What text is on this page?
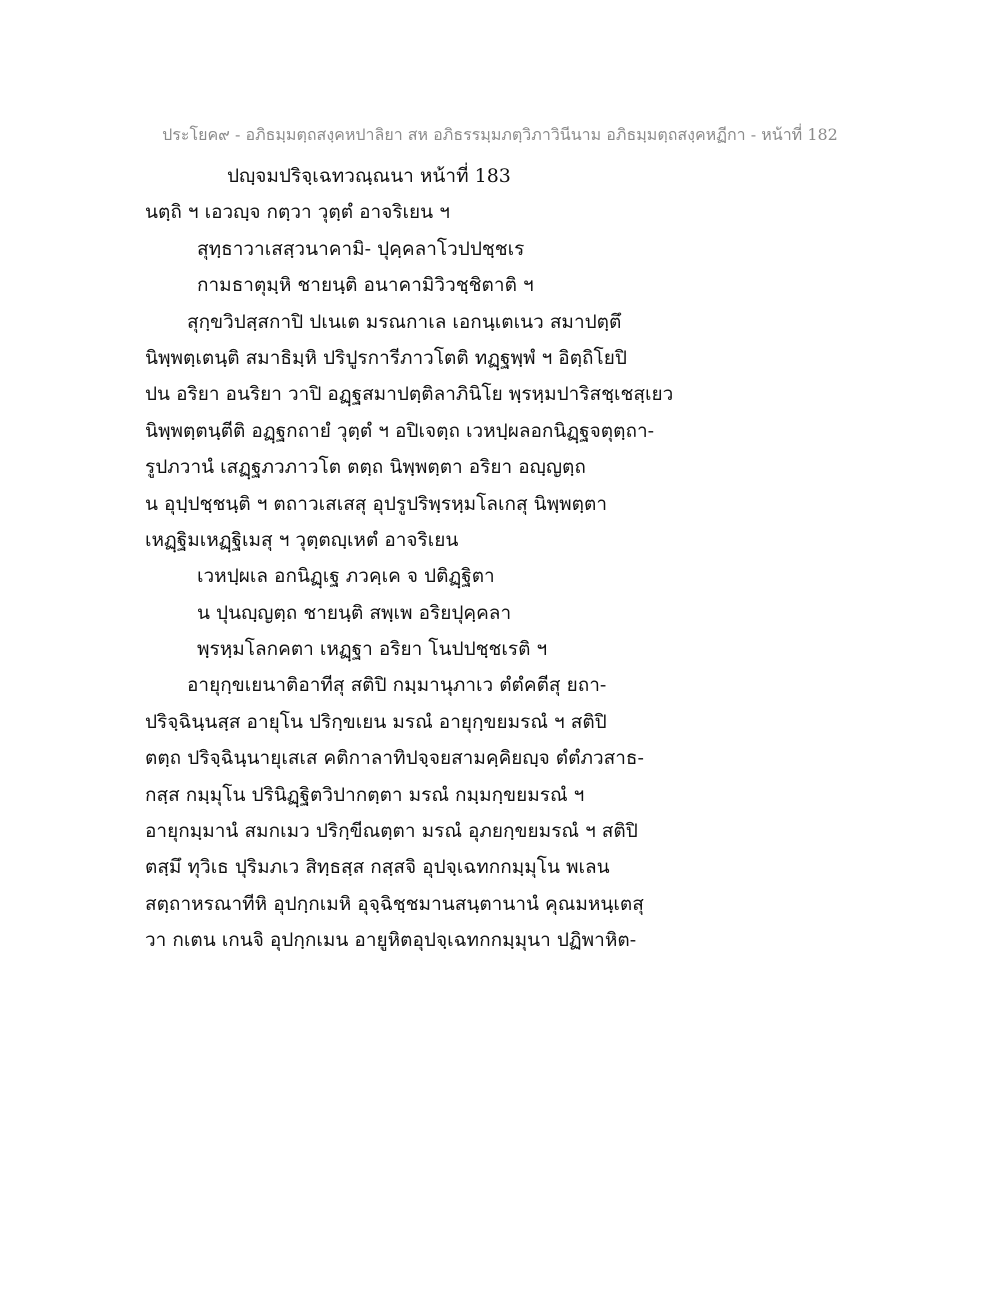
ประโยค๙ - อภิธมฺมตฺถสงฺคหปาลิยา สห อภิธรรมฺมภตฺวิภาวินีนาม อภิธมฺมตฺถสงฺคหฏีกา - หน้าที่ 182
ปญฺจมปริจฺเฉทวณฺณนา หน้าที่ 183
นตฺถิ ฯ เอวญฺจ กตฺวา วุตฺตํ อาจริเยน ฯ
สุทฺธาวาเสสฺวนาคามิ- ปุคฺคลาโวปปชฺชเร
กามธาตุมฺหิ ชายนฺติ อนาคามิวิวชฺชิตาติ ฯ
สุกฺขวิปสฺสกาปิ ปเนเต มรณกาเล เอกนฺเตเนว สมาปตฺตึ
นิพฺพตฺเตนฺติ สมาธิมฺหิ ปริปูรการีภาวโตติ ทฏฺฐพฺพํ ฯ อิตฺถิโยปิ
ปน อริยา อนริยา วาปิ อฏฺฐสมาปตฺติลาภินิโย พฺรหฺมปาริสชฺเชสฺเยว
นิพฺพตฺตนฺตีติ อฏฺฐกถายํ วุตฺตํ ฯ อปิเจตฺถ เวหปฺผลอกนิฏฺฐจตุตฺถา-
รูปภวานํ เสฏฺฐภวภาวโต ตตฺถ นิพฺพตฺตา อริยา อญฺญตฺถ
น อุปฺปชฺชนฺติ ฯ ตถาวเสเสสุ อุปรูปริพฺรหฺมโลเกสุ นิพฺพตฺตา
เหฏฺฐิมเหฏฺฐิเมสุ ฯ วุตฺตญฺเหตํ อาจริเยน
เวหปฺผเล อกนิฏฺเฐ ภวคฺเค จ ปติฏฺฐิตา
น ปุนญฺญตฺถ ชายนฺติ สพฺเพ อริยปุคฺคลา
พฺรหฺมโลกคตา เหฏฺฐา อริยา โนปปชฺชเรติ ฯ
อายุกฺขเยนาติอาทีสุ สติปิ กมฺมานุภาเว ตํตํคตีสุ ยถา-
ปริจฺฉินฺนสฺส อายุโน ปริกฺขเยน มรณํ อายุกฺขยมรณํ ฯ สติปิ
ตตฺถ ปริจฺฉินฺนายุเสเส คติกาลาทิปจฺจยสามคฺคิยญฺจ ตํตํภวสาธ-
กสฺส กมฺมุโน ปรินิฏฺฐิตวิปากตฺตา มรณํ กมฺมกฺขยมรณํ ฯ
อายุกมฺมานํ สมกเมว ปริกฺขีณตฺตา มรณํ อุภยกฺขยมรณํ ฯ สติปิ
ตสฺมึ ทุวิเธ ปุริมภเว สิทฺธสฺส กสฺสจิ อุปจฺเฉทกกมฺมุโน พเลน
สตฺถาหรณาทีหิ อุปกฺกเมหิ อุจฺฉิชฺชมานสนฺตานานํ คุณมหนฺเตสุ
วา กเตน เกนจิ อุปกฺกเมน อายูหิตอุปจฺเฉทกกมฺมุนา ปฏิพาหิต-
